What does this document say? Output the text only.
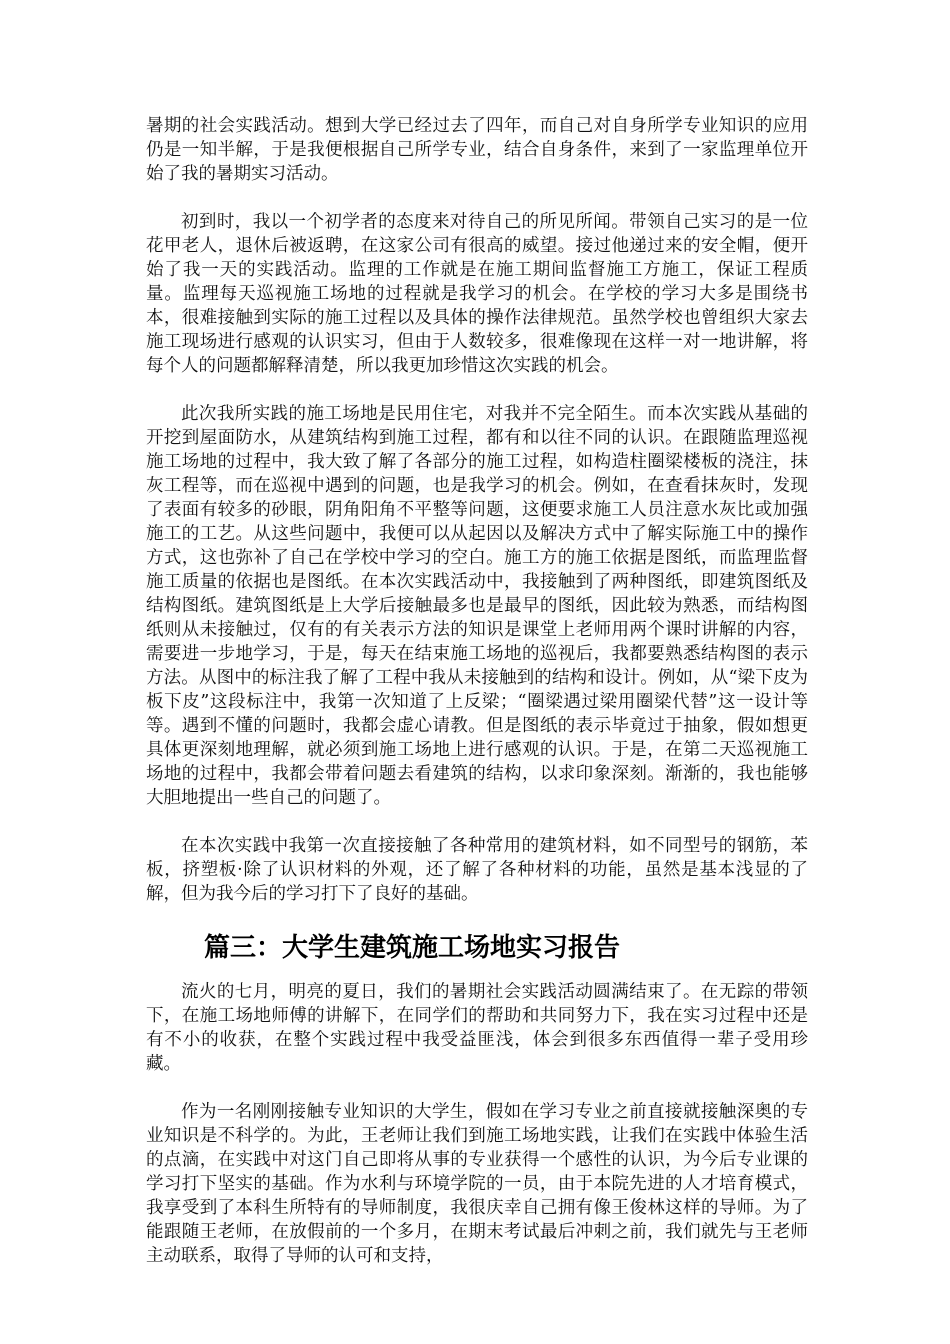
暑期的社会实践活动。想到大学已经过去了四年，而自己对自身所学专业知识的应用仍是一知半解，于是我便根据自己所学专业，结合自身条件，来到了一家监理单位开始了我的暑期实习活动。

初到时，我以一个初学者的态度来对待自己的所见所闻。带领自己实习的是一位花甲老人，退休后被返聘，在这家公司有很高的威望。接过他递过来的安全帽，便开始了我一天的实践活动。监理的工作就是在施工期间监督施工方施工，保证工程质量。监理每天巡视施工场地的过程就是我学习的机会。在学校的学习大多是围绕书本，很难接触到实际的施工过程以及具体的操作法律规范。虽然学校也曾组织大家去施工现场进行感观的认识实习，但由于人数较多，很难像现在这样一对一地讲解，将每个人的问题都解释清楚，所以我更加珍惜这次实践的机会。

此次我所实践的施工场地是民用住宅，对我并不完全陌生。而本次实践从基础的开挖到屋面防水，从建筑结构到施工过程，都有和以往不同的认识。在跟随监理巡视施工场地的过程中，我大致了解了各部分的施工过程，如构造柱圈梁楼板的浇注，抹灰工程等，而在巡视中遇到的问题，也是我学习的机会。例如，在查看抹灰时，发现了表面有较多的砂眼，阴角阳角不平整等问题，这便要求施工人员注意水灰比或加强施工的工艺。从这些问题中，我便可以从起因以及解决方式中了解实际施工中的操作方式，这也弥补了自己在学校中学习的空白。施工方的施工依据是图纸，而监理监督施工质量的依据也是图纸。在本次实践活动中，我接触到了两种图纸，即建筑图纸及结构图纸。建筑图纸是上大学后接触最多也是最早的图纸，因此较为熟悉，而结构图纸则从未接触过，仅有的有关表示方法的知识是课堂上老师用两个课时讲解的内容，需要进一步地学习，于是，每天在结束施工场地的巡视后，我都要熟悉结构图的表示方法。从图中的标注我了解了工程中我从未接触到的结构和设计。例如，从“梁下皮为板下皮”这段标注中，我第一次知道了上反梁；“圈梁遇过梁用圈梁代替”这一设计等等。遇到不懂的问题时，我都会虚心请教。但是图纸的表示毕竟过于抽象，假如想更具体更深刻地理解，就必须到施工场地上进行感观的认识。于是，在第二天巡视施工场地的过程中，我都会带着问题去看建筑的结构，以求印象深刻。渐渐的，我也能够大胆地提出一些自己的问题了。

在本次实践中我第一次直接接触了各种常用的建筑材料，如不同型号的钢筋，苯板，挤塑板·除了认识材料的外观，还了解了各种材料的功能，虽然是基本浅显的了解，但为我今后的学习打下了良好的基础。

篇三：大学生建筑施工场地实习报告

流火的七月，明亮的夏日，我们的暑期社会实践活动圆满结束了。在无踪的带领下，在施工场地师傅的讲解下，在同学们的帮助和共同努力下，我在实习过程中还是有不小的收获，在整个实践过程中我受益匪浅，体会到很多东西值得一辈子受用珍藏。

作为一名刚刚接触专业知识的大学生，假如在学习专业之前直接就接触深奥的专业知识是不科学的。为此，王老师让我们到施工场地实践，让我们在实践中体验生活的点滴，在实践中对这门自己即将从事的专业获得一个感性的认识，为今后专业课的学习打下坚实的基础。作为水利与环境学院的一员，由于本院先进的人才培育模式，我享受到了本科生所特有的导师制度，我很庆幸自己拥有像王俊林这样的导师。为了能跟随王老师，在放假前的一个多月，在期末考试最后冲刺之前，我们就先与王老师主动联系，取得了导师的认可和支持，
